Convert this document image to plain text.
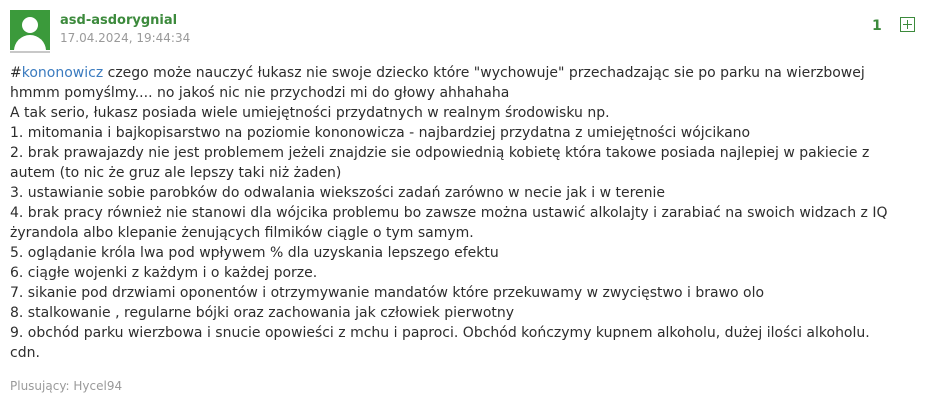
asd-asdorygnial
17.04.2024, 19:44:34
1

#kononowicz czego może nauczyć łukasz nie swoje dziecko które "wychowuje" przechadzając sie po parku na wierzbowej hmmm pomyślmy.... no jakoś nic nie przychodzi mi do głowy ahhahaha

A tak serio, łukasz posiada wiele umiejętności przydatnych w realnym środowisku np.

1. mitomania i bajkopisarstwo na poziomie kononowicza - najbardziej przydatna z umiejętności wójcikano

2. brak prawajazdy nie jest problemem jeżeli znajdzie sie odpowiednią kobietę która takowe posiada najlepiej w pakiecie z autem (to nic że gruz ale lepszy taki niż żaden)

3. ustawianie sobie parobków do odwalania wiekszości zadań zarówno w necie jak i w terenie

4. brak pracy również nie stanowi dla wójcika problemu bo zawsze można ustawić alkolajty i zarabiać na swoich widzach z IQ żyrandola albo klepanie żenujących filmików ciągle o tym samym.

5. oglądanie króla lwa pod wpływem % dla uzyskania lepszego efektu

6. ciągłe wojenki z każdym i o każdej porze.

7. sikanie pod drzwiami oponentów i otrzymywanie mandatów które przekuwamy w zwycięstwo i brawo olo

8. stalkowanie , regularne bójki oraz zachowania jak człowiek pierwotny

9. obchód parku wierzbowa i snucie opowieści z mchu i paproci. Obchód kończymy kupnem alkoholu, dużej ilości alkoholu.

cdn.

Plusujący: Hycel94
